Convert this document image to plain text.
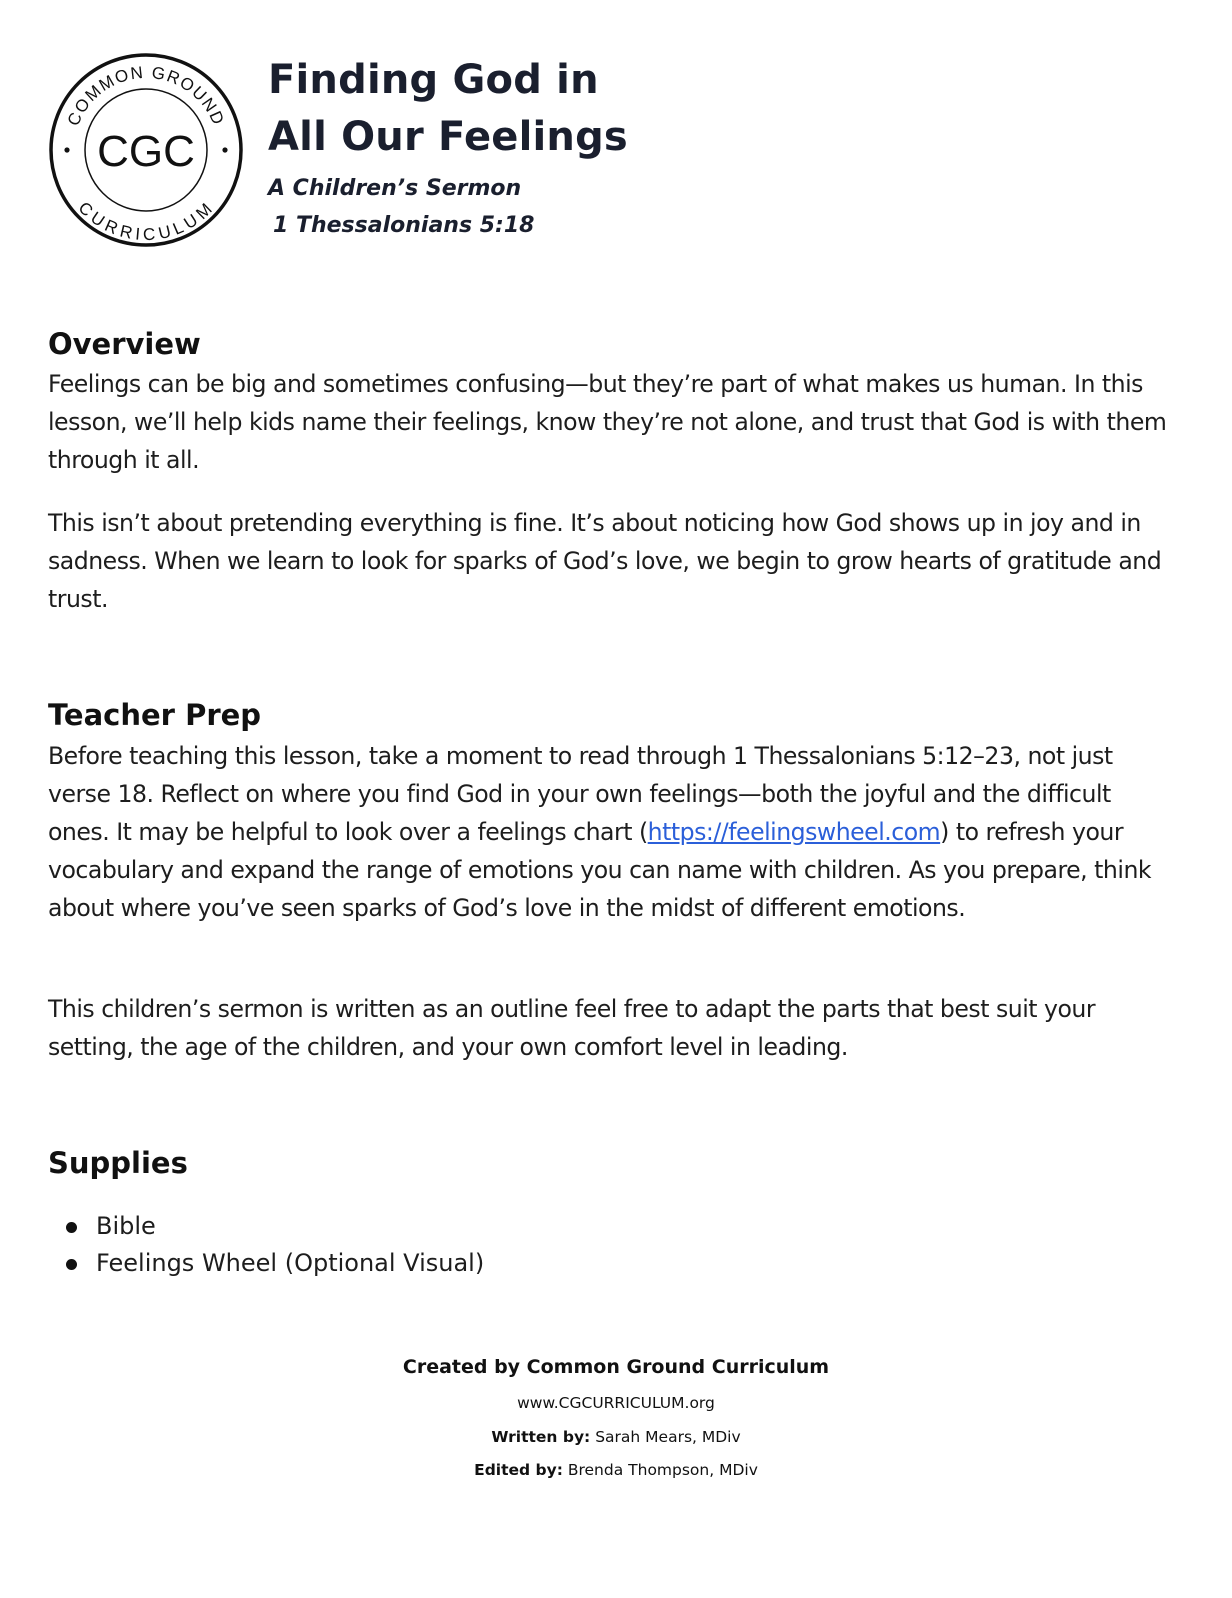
COMMON GROUND
CURRICULUM
CGC
Finding God in
All Our Feelings
A Children’s Sermon
1 Thessalonians 5:18
Overview

Feelings can be big and sometimes confusing—but they’re part of what makes us human. In this lesson, we’ll help kids name their feelings, know they’re not alone, and trust that God is with them through it all.

This isn’t about pretending everything is fine. It’s about noticing how God shows up in joy and in sadness. When we learn to look for sparks of God’s love, we begin to grow hearts of gratitude and trust.

Teacher Prep

Before teaching this lesson, take a moment to read through 1 Thessalonians 5:12–23, not just verse 18. Reflect on where you find God in your own feelings—both the joyful and the difficult ones. It may be helpful to look over a feelings chart (https://feelingswheel.com) to refresh your vocabulary and expand the range of emotions you can name with children. As you prepare, think about where you’ve seen sparks of God’s love in the midst of different emotions.

This children’s sermon is written as an outline feel free to adapt the parts that best suit your setting, the age of the children, and your own comfort level in leading.

Supplies
Bible
Feelings Wheel (Optional Visual)

Created by Common Ground Curriculum

www.CGCURRICULUM.org

Written by: Sarah Mears, MDiv

Edited by: Brenda Thompson, MDiv
